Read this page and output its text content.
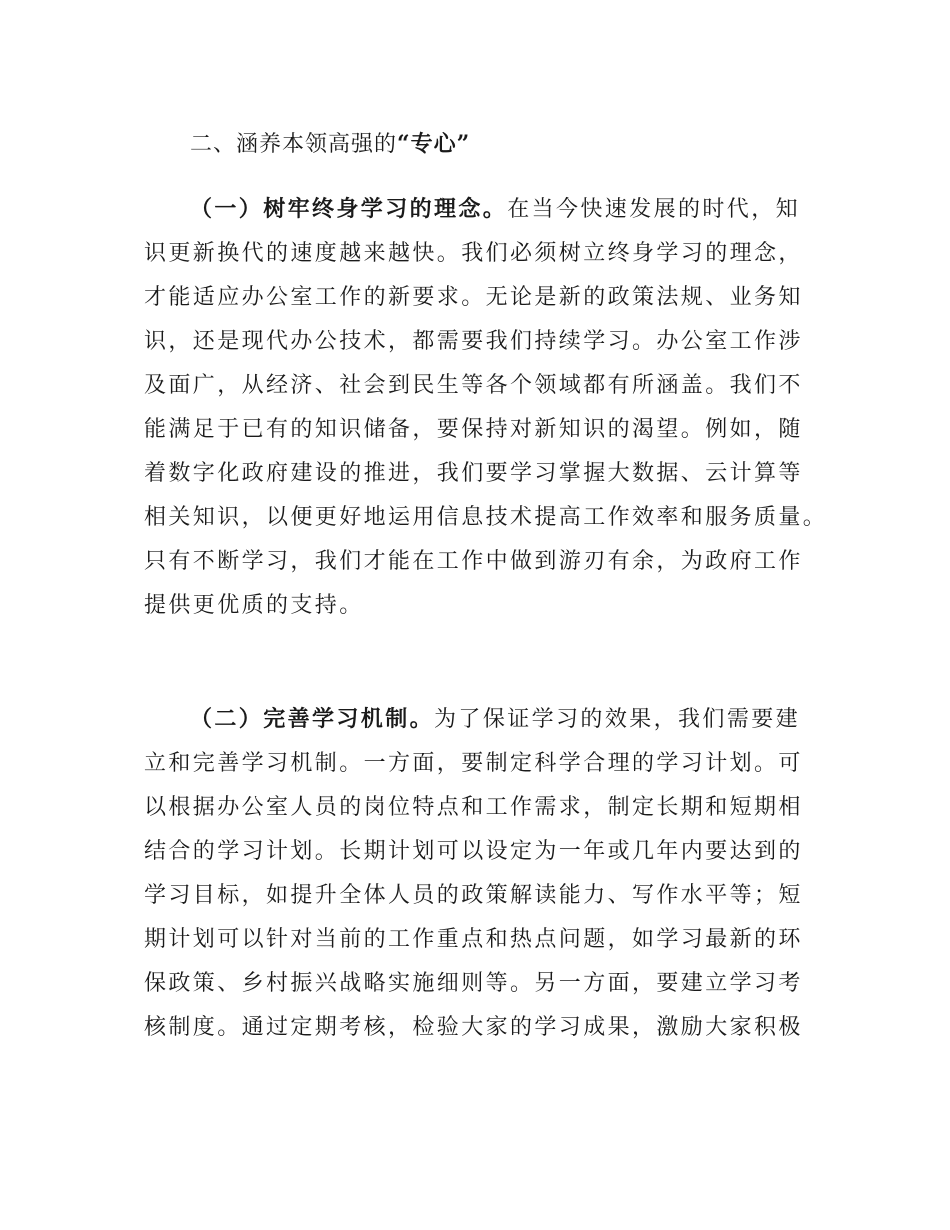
二、涵养本领高强的“专心”
（一）树牢终身学习的理念。在当今快速发展的时代，知
识更新换代的速度越来越快。我们必须树立终身学习的理念，
才能适应办公室工作的新要求。无论是新的政策法规、业务知
识，还是现代办公技术，都需要我们持续学习。办公室工作涉
及面广，从经济、社会到民生等各个领域都有所涵盖。我们不
能满足于已有的知识储备，要保持对新知识的渴望。例如，随
着数字化政府建设的推进，我们要学习掌握大数据、云计算等
相关知识，以便更好地运用信息技术提高工作效率和服务质量。
只有不断学习，我们才能在工作中做到游刃有余，为政府工作
提供更优质的支持。
（二）完善学习机制。为了保证学习的效果，我们需要建
立和完善学习机制。一方面，要制定科学合理的学习计划。可
以根据办公室人员的岗位特点和工作需求，制定长期和短期相
结合的学习计划。长期计划可以设定为一年或几年内要达到的
学习目标，如提升全体人员的政策解读能力、写作水平等；短
期计划可以针对当前的工作重点和热点问题，如学习最新的环
保政策、乡村振兴战略实施细则等。另一方面，要建立学习考
核制度。通过定期考核，检验大家的学习成果，激励大家积极
